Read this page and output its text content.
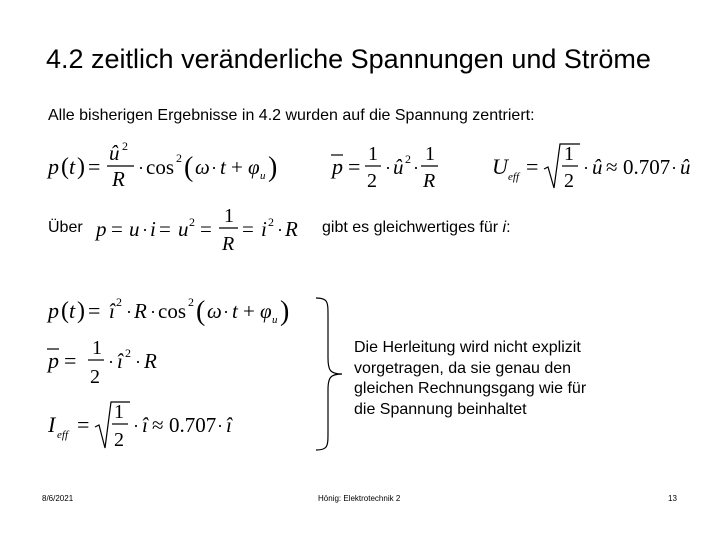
4.2 zeitlich veränderliche Spannungen und Ströme
Alle bisherigen Ergebnisse in 4.2 wurden auf die Spannung zentriert:
p ( t ) =
û 2
R · cos 2 ( ω · t + φ u ) p = 1
2
· û 2 ·
1
R
U eff = 1
2
· û ≈ 0.707 · û
Über p = u · i = u 2 =
1
R
= i 2 · R gibt es gleichwertiges für i:
p ( t ) = î 2 · R · cos 2 ( ω · t + φ u )
p = 1
2
· î 2 · R
I eff = 1
2
· î ≈ 0.707 · î
Die Herleitung wird nicht explizit vorgetragen, da sie genau den gleichen Rechnungsgang wie für die Spannung beinhaltet
8/6/2021	Hönig: Elektrotechnik 2	13
